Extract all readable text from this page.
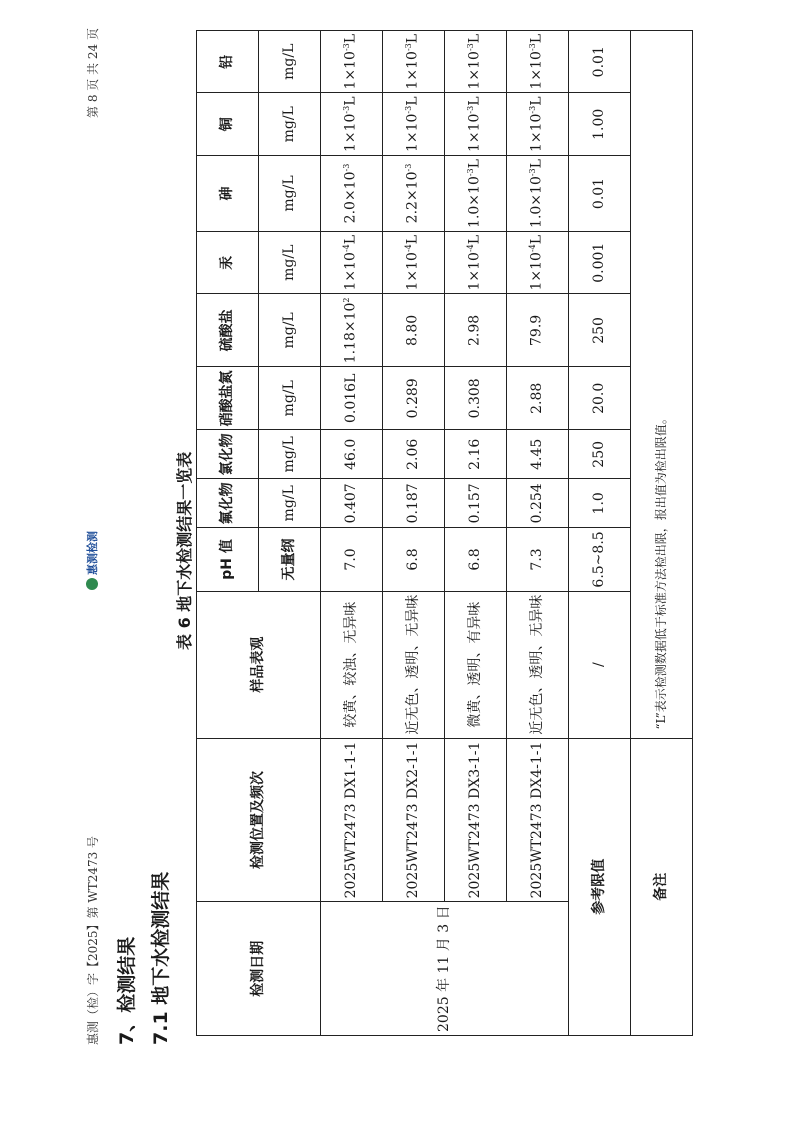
惠测（检）字【2025】第 WT2473 号
第 8 页 共 24 页
惠测检测
7、检测结果 7.1 地下水检测结果
表 6 地下水检测结果一览表
检测日期	检测位置及频次	样品表观	pH 值	氟化物	氯化物	硝酸盐氮	硫酸盐	汞	砷	铜	铅
			无量纲	mg/L	mg/L	mg/L	mg/L	mg/L	mg/L	mg/L	mg/L
2025 年 11 月 3 日	2025WT2473 DX1-1-1	较黄、较浊、无异味	7.0	0.407	46.0	0.016L	$1.18\times 10^2$	$1\times 10^{-4}L$	$2.0\times 10^{-3}$	$1\times 10^{-3}L$	$1\times 10^{-3}L$
	2025WT2473 DX2-1-1	近无色、透明、无异味	6.8	0.187	2.06	0.289	8.80	$1\times 10^{-4}L$	$2.2\times 10^{-3}$	$1\times 10^{-3}L$	$1\times 10^{-3}L$
	2025WT2473 DX3-1-1	微黄、透明、有异味	6.8	0.157	2.16	0.308	2.98	$1\times 10^{-4}L$	$1.0\times 10^{-3}L$	$1\times 10^{-3}L$	$1\times 10^{-3}L$
	2025WT2473 DX4-1-1	近无色、透明、无异味	7.3	0.254	4.45	2.88	79.9	$1\times 10^{-4}L$	$1.0\times 10^{-3}L$	$1\times 10^{-3}L$	$1\times 10^{-3}L$
参考限值		/	6.5~8.5	1.0	250	20.0	250	0.001	0.01	1.00	0.01
备注		“L”表示检测数据低于标准方法检出限，报出值为检出限值。									
